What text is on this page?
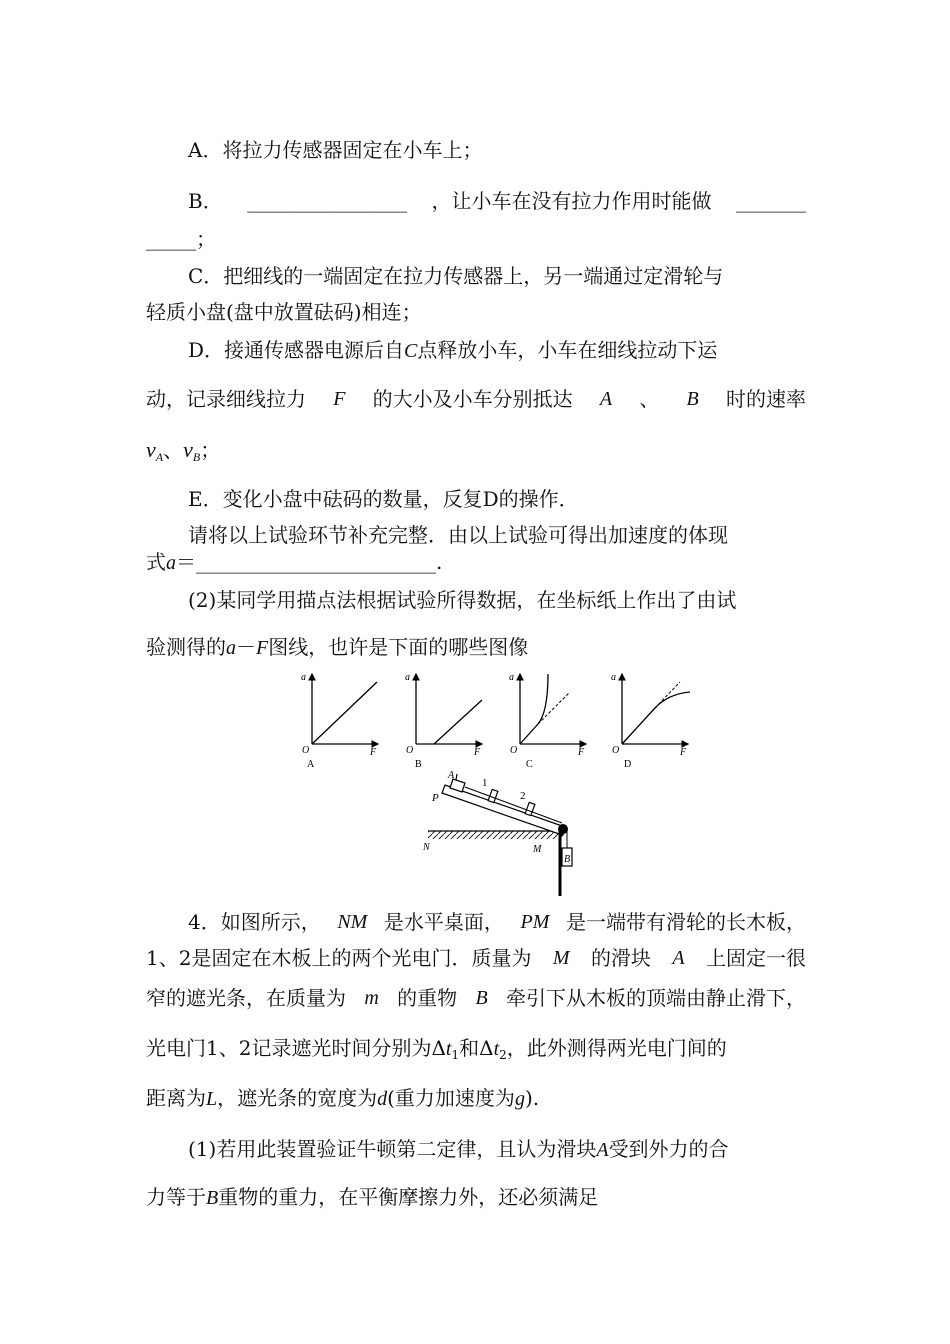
A．将拉力传感器固定在小车上；
B． ________________ ，让小车在没有拉力作用时能做 _______
_____；
C．把细线的一端固定在拉力传感器上，另一端通过定滑轮与
轻质小盘(盘中放置砝码)相连；
D．接通传感器电源后自C点释放小车，小车在细线拉动下运
动，记录细线拉力 F 的大小及小车分别抵达 A 、 B 时的速率
$v_A$、$v_B$；
E．变化小盘中砝码的数量，反复D的操作．
请将以上试验环节补充完整．由以上试验可得出加速度的体现
式a＝________________________.
(2)某同学用描点法根据试验所得数据，在坐标纸上作出了由试
验测得的a－F图线，也许是下面的哪些图像
a
O	F
A
a
O	F
B
a
O	F
C
a
O	F
D
P
A
1
2
N	M
B
4．如图所示， NM 是水平桌面， PM 是一端带有滑轮的长木板，
1、2是固定在木板上的两个光电门．质量为 M 的滑块 A 上固定一很
窄的遮光条，在质量为 m 的重物 B 牵引下从木板的顶端由静止滑下，
光电门1、2记录遮光时间分别为$\Delta t_1$和$\Delta t_2$，此外测得两光电门间的
距离为L，遮光条的宽度为d(重力加速度为g).
(1)若用此装置验证牛顿第二定律，且认为滑块A受到外力的合
力等于B重物的重力，在平衡摩擦力外，还必须满足
